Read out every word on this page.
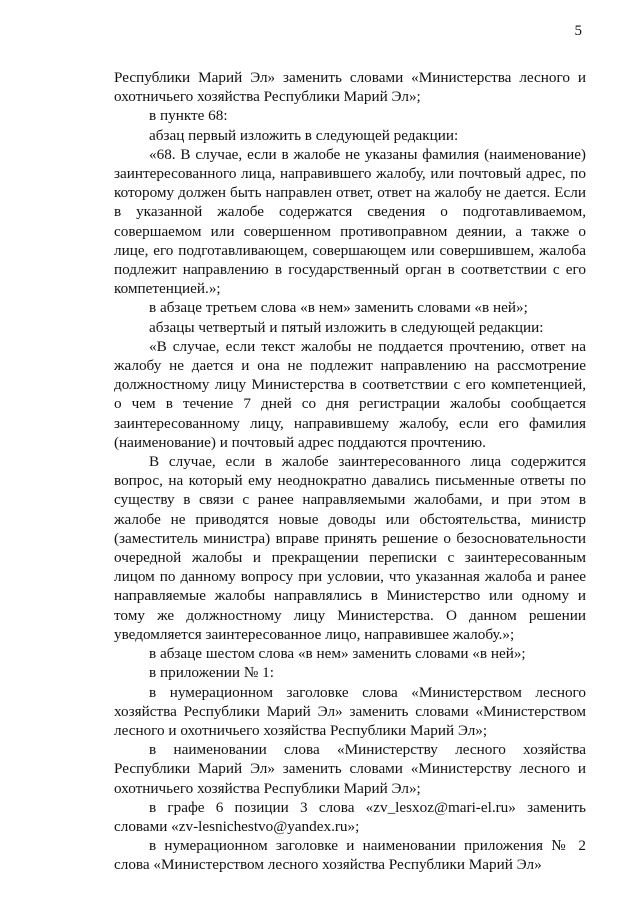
5

Республики Марий Эл» заменить словами «Министерства лесного и охотничьего хозяйства Республики Марий Эл»;

в пункте 68:

абзац первый изложить в следующей редакции:

«68. В случае, если в жалобе не указаны фамилия (наименование) заинтересованного лица, направившего жалобу, или почтовый адрес, по которому должен быть направлен ответ, ответ на жалобу не дается. Если в указанной жалобе содержатся сведения о подготавливаемом, совершаемом или совершенном противоправном деянии, а также о лице, его подготавливающем, совершающем или совершившем, жалоба подлежит направлению в государственный орган в соответствии с его компетенцией.»;

в абзаце третьем слова «в нем» заменить словами «в ней»;

абзацы четвертый и пятый изложить в следующей редакции:

«В случае, если текст жалобы не поддается прочтению, ответ на жалобу не дается и она не подлежит направлению на рассмотрение должностному лицу Министерства в соответствии с его компетенцией, о чем в течение 7 дней со дня регистрации жалобы сообщается заинтересованному лицу, направившему жалобу, если его фамилия (наименование) и почтовый адрес поддаются прочтению.

В случае, если в жалобе заинтересованного лица содержится вопрос, на который ему неоднократно давались письменные ответы по существу в связи с ранее направляемыми жалобами, и при этом в жалобе не приводятся новые доводы или обстоятельства, министр (заместитель министра) вправе принять решение о безосновательности очередной жалобы и прекращении переписки с заинтересованным лицом по данному вопросу при условии, что указанная жалоба и ранее направляемые жалобы направлялись в Министерство или одному и тому же должностному лицу Министерства. О данном решении уведомляется заинтересованное лицо, направившее жалобу.»;

в абзаце шестом слова «в нем» заменить словами «в ней»;

в приложении № 1:

в нумерационном заголовке слова «Министерством лесного хозяйства Республики Марий Эл» заменить словами «Министерством лесного и охотничьего хозяйства Республики Марий Эл»;

в наименовании слова «Министерству лесного хозяйства Республики Марий Эл» заменить словами «Министерству лесного и охотничьего хозяйства Республики Марий Эл»;

в графе 6 позиции 3 слова «zv_lesxoz@mari-el.ru» заменить словами «zv-lesnichestvo@yandex.ru»;

в нумерационном заголовке и наименовании приложения № 2 слова «Министерством лесного хозяйства Республики Марий Эл»
